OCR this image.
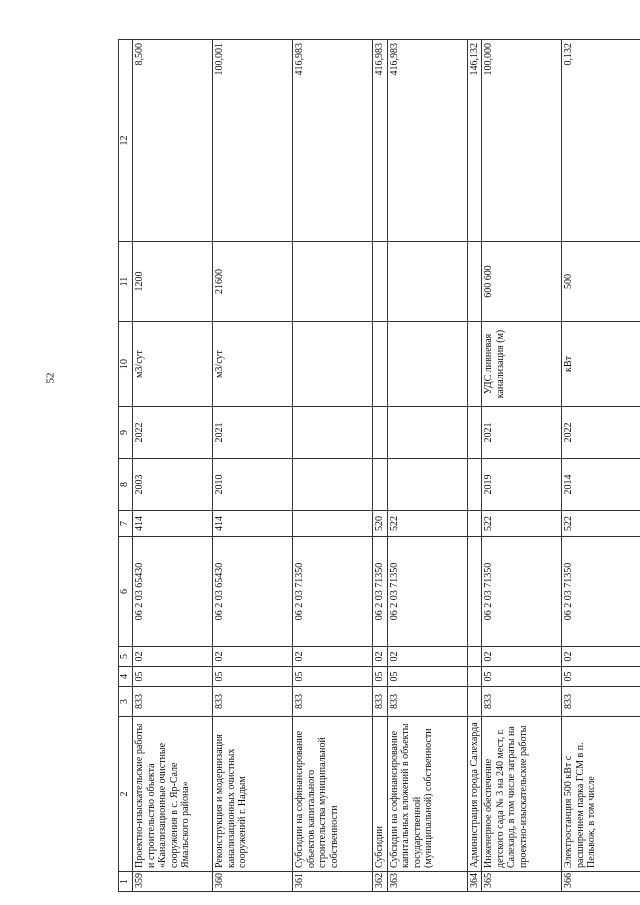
52
1	2	3	4	5	6	7	8	9	10	11	12
359	Проектно-изыскательские работы и строительство объекта «Канализационные очистные сооружения в с. Яр-Сале Ямальского района»	833	05	02	06 2 03 65430	414	2003	2022	м3/сут	1200	8,500
360	Реконструкция и модернизация канализационных очистных сооружений г. Надым	833	05	02	06 2 03 65430	414	2010	2021	м3/сут	21600	100,001
361	Субсидии на софинансирование объектов капитального строительства муниципальной собственности	833	05	02	06 2 03 71350						416,983
362	Субсидии	833	05	02	06 2 03 71350	520					416,983
363	Субсидии на софинансирование капитальных вложений в объекты государственной (муниципальной) собственности	833	05	02	06 2 03 71350	522					416,983
364	Администрация города Салехарда										146,132
365	Инженерное обеспечение детского сада № 3 на 240 мест, г. Салехард, в том числе затраты на проектно-изыскательские работы	833	05	02	06 2 03 71350	522	2019	2021	УДС ливневая канализация (м)	600 600	100,000
366	Электростанция 500 кВт с расширением парка ГСМ в п. Пельвож, в том числе	833	05	02	06 2 03 71350	522	2014	2022	кВт	500	0,132
